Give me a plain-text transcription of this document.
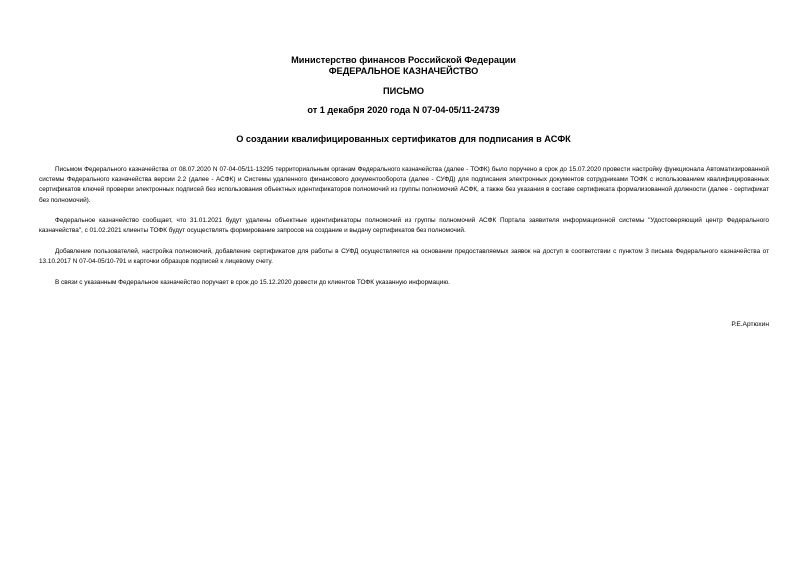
Министерство финансов Российской Федерации
ФЕДЕРАЛЬНОЕ КАЗНАЧЕЙСТВО
ПИСЬМО
от 1 декабря 2020 года N 07-04-05/11-24739
О создании квалифицированных сертификатов для подписания в АСФК

Письмом Федерального казначейства от 08.07.2020 N 07-04-05/11-13295 территориальным органам Федерального казначейства (далее - ТОФК) было поручено в срок до 15.07.2020 провести настройку функционала Автоматизированной системы Федерального казначейства версии 2.2 (далее - АСФК) и Системы удаленного финансового документооборота (далее - СУФД) для подписания электронных документов сотрудниками ТОФК с использованием квалифицированных сертификатов ключей проверки электронных подписей без использования объектных идентификаторов полномочий из группы полномочий АСФК, а также без указания в составе сертификата формализованной должности (далее - сертификат без полномочий).

Федеральное казначейство сообщает, что 31.01.2021 будут удалены объектные идентификаторы полномочий из группы полномочий АСФК Портала заявителя информационной системы "Удостоверяющий центр Федерального казначейства", с 01.02.2021 клиенты ТОФК будут осуществлять формирование запросов на создание и выдачу сертификатов без полномочий.

Добавление пользователей, настройка полномочий, добавление сертификатов для работы в СУФД осуществляется на основании предоставляемых заявок на доступ в соответствии с пунктом 3 письма Федерального казначейства от 13.10.2017 N 07-04-05/10-791 и карточки образцов подписей к лицевому счету.

В связи с указанным Федеральное казначейство поручает в срок до 15.12.2020 довести до клиентов ТОФК указанную информацию.

Р.Е.Артюхин
